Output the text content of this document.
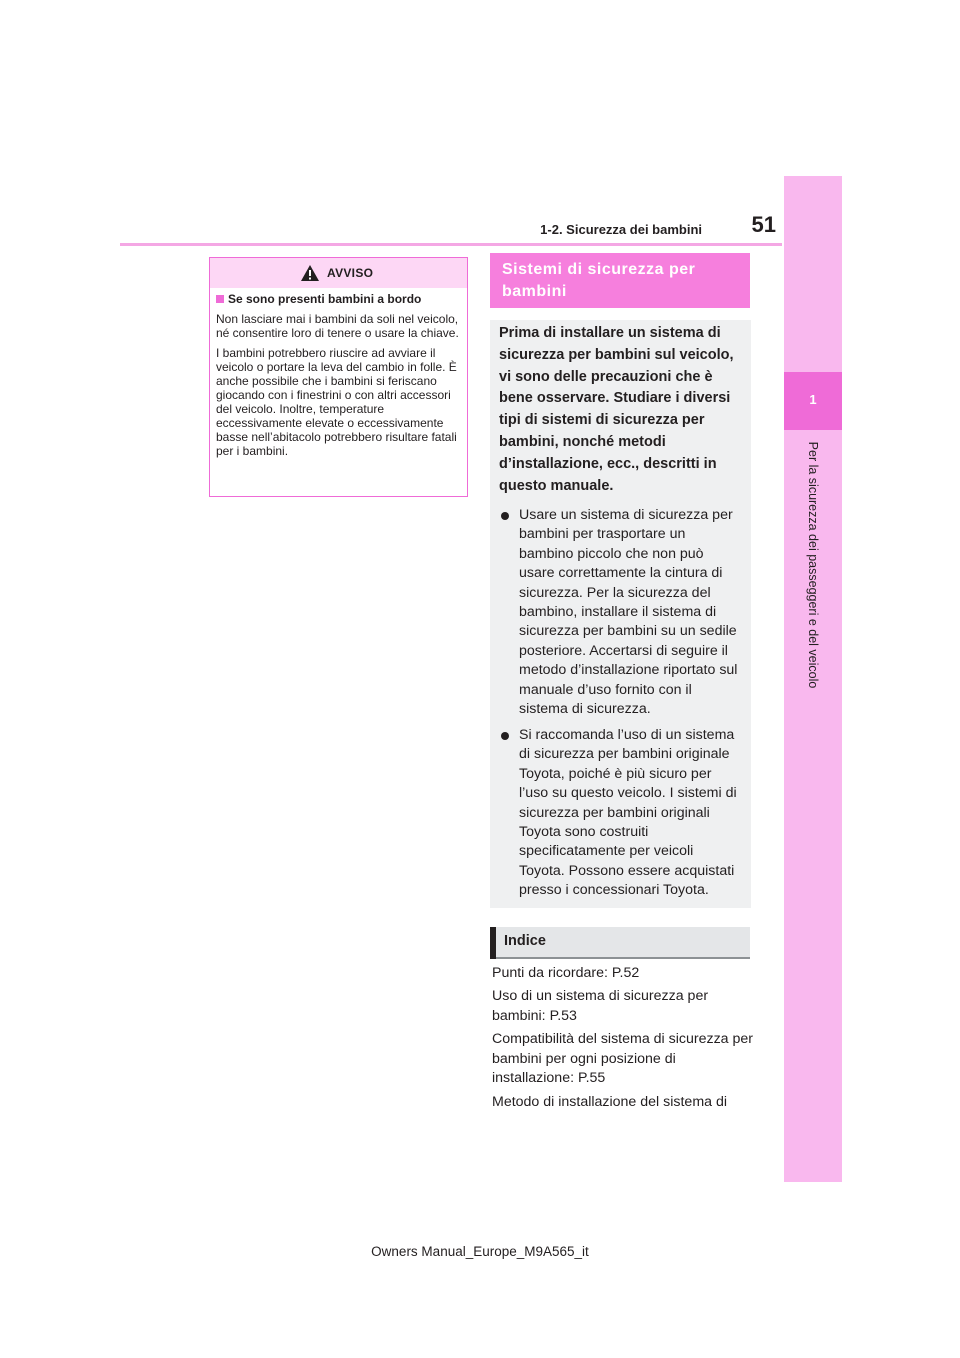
1-2. Sicurezza dei bambini	51
1
Per la sicurezza dei passeggeri e del veicolo
AVVISO

Se sono presenti bambini a bordo

Non lasciare mai i bambini da soli nel veicolo, né consentire loro di tenere o usare la chiave.

I bambini potrebbero riuscire ad avviare il veicolo o portare la leva del cambio in folle. È anche possibile che i bambini si feriscano giocando con i finestrini o con altri accessori del veicolo. Inoltre, temperature eccessivamente elevate o eccessivamente basse nell’abitacolo potrebbero risultare fatali per i bambini.

Sistemi di sicurezza per bambini
Prima di installare un sistema di sicurezza per bambini sul veicolo, vi sono delle precauzioni che è bene osservare. Studiare i diversi tipi di sistemi di sicurezza per bambini, nonché metodi d’installazione, ecc., descritti in questo manuale.
Usare un sistema di sicurezza per bambini per trasportare un bambino piccolo che non può usare correttamente la cintura di sicurezza. Per la sicurezza del bambino, installare il sistema di sicurezza per bambini su un sedile posteriore. Accertarsi di seguire il metodo d’installazione riportato sul manuale d’uso fornito con il sistema di sicurezza.
Si raccomanda l’uso di un sistema di sicurezza per bambini originale Toyota, poiché è più sicuro per l’uso su questo veicolo. I sistemi di sicurezza per bambini originali Toyota sono costruiti specificatamente per veicoli Toyota. Possono essere acquistati presso i concessionari Toyota.
Indice
Punti da ricordare: P.52
Uso di un sistema di sicurezza per bambini: P.53
Compatibilità del sistema di sicurezza per bambini per ogni posizione di installazione: P.55
Metodo di installazione del sistema di
Owners Manual_Europe_M9A565_it
